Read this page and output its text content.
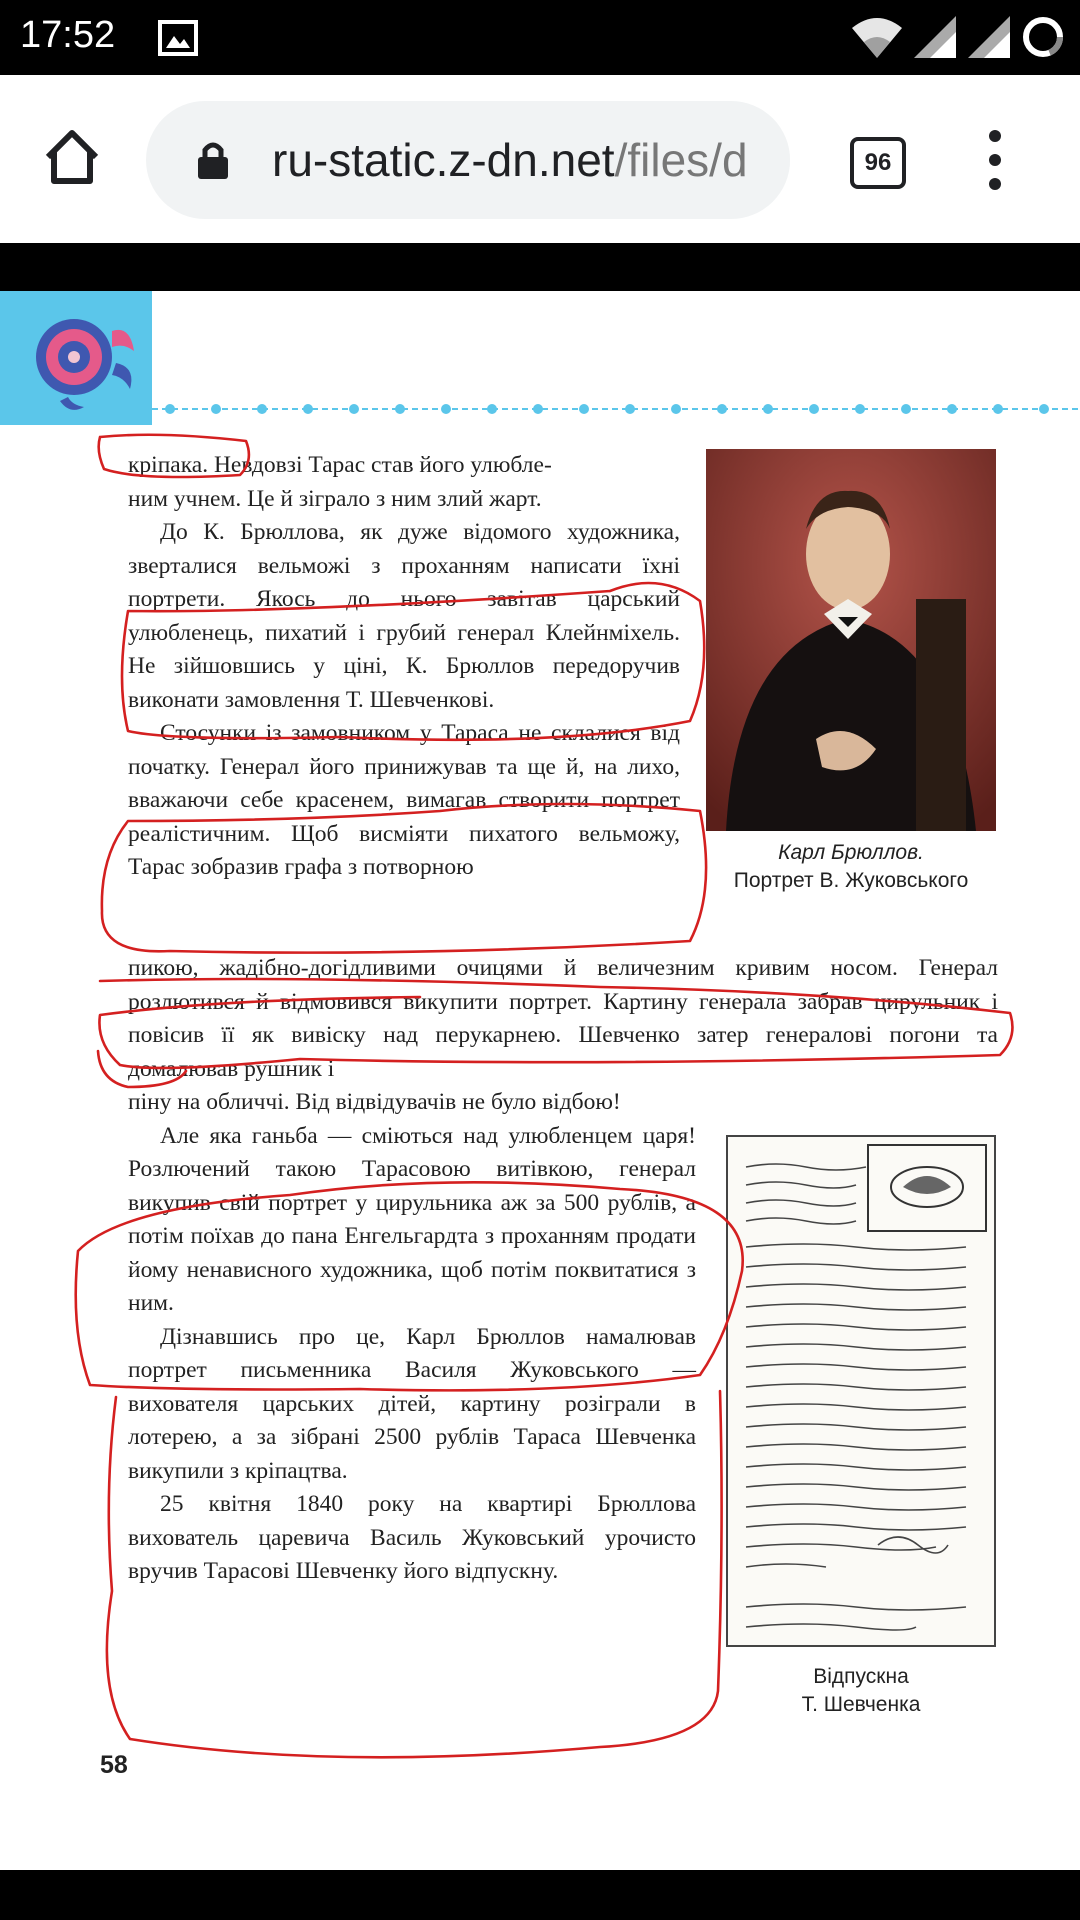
17:52
ru-static.z-dn.net/files/d	96
Карл Брюллов.
Портрет В. Жуковського
Відпускна
Т. Шевченка

кріпака. Невдовзі Тарас став його улюбле-

ним учнем. Це й зіграло з ним злий жарт.

До К. Брюллова, як дуже відомого художника, зверталися вельможі з проханням написати їхні портрети. Якось до нього завітав царський улюбленець, пихатий і грубий генерал Клейнміхель. Не зійшовшись у ціні, К. Брюллов передоручив виконати замовлення Т. Шевченкові.

Стосунки із замовником у Тараса не склалися від початку. Генерал його принижував та ще й, на лихо, вважаючи себе красенем, вимагав створити портрет реалістичним. Щоб висміяти пихатого вельможу, Тарас зобразив графа з потворною

пикою, жадібно-догідливими очицями й величезним кривим носом. Генерал розлютився й відмовився викупити портрет. Картину генерала забрав цирульник і повісив її як вивіску над перукарнею. Шевченко затер генералові погони та домалював рушник і

піну на обличчі. Від відвідувачів не було відбою!

Але яка ганьба — сміються над улюбленцем царя! Розлючений такою Тарасовою витівкою, генерал викупив свій портрет у цирульника аж за 500 рублів, а потім поїхав до пана Енгельгардта з проханням продати йому ненависного художника, щоб потім поквитатися з ним.

Дізнавшись про це, Карл Брюллов намалював портрет письменника Василя Жуковського — вихователя царських дітей, картину розіграли в лотерею, а за зібрані 2500 рублів Тараса Шевченка викупили з кріпацтва.

25 квітня 1840 року на квартирі Брюллова вихователь царевича Василь Жуковський урочисто вручив Тарасові Шевченку його відпускну.

58
